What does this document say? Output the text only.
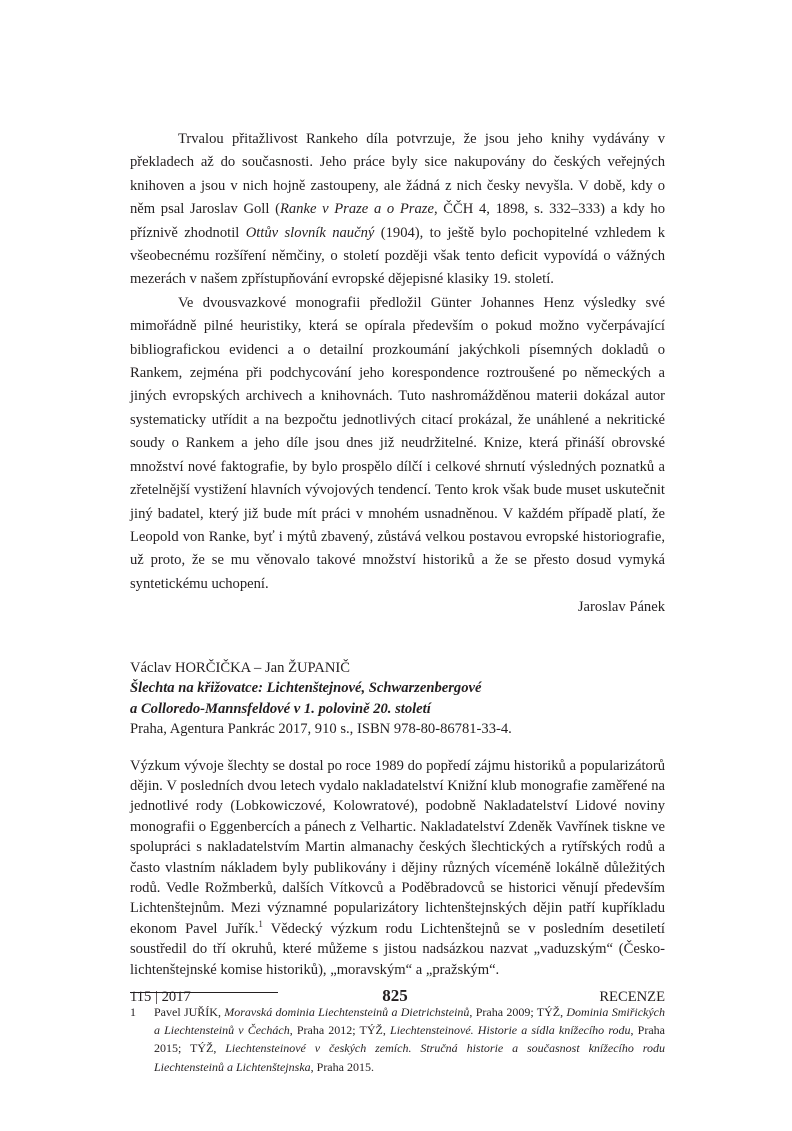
Trvalou přitažlivost Rankeho díla potvrzuje, že jsou jeho knihy vydávány v překladech až do současnosti. Jeho práce byly sice nakupovány do českých veřejných knihoven a jsou v nich hojně zastoupeny, ale žádná z nich česky nevyšla. V době, kdy o něm psal Jaroslav Goll (Ranke v Praze a o Praze, ČČH 4, 1898, s. 332–333) a kdy ho příznivě zhodnotil Ottův slovník naučný (1904), to ještě bylo pochopitelné vzhledem k všeobecnému rozšíření němčiny, o století později však tento deficit vypovídá o vážných mezerách v našem zpřístupňování evropské dějepisné klasiky 19. století.

Ve dvousvazkové monografii předložil Günter Johannes Henz výsledky své mimořádně pilné heuristiky, která se opírala především o pokud možno vyčerpávající bibliografickou evidenci a o detailní prozkoumání jakýchkoli písemných dokladů o Rankem, zejména při podchycování jeho korespondence roztroušené po německých a jiných evropských archivech a knihovnách. Tuto nashromážděnou materii dokázal autor systematicky utřídit a na bezpočtu jednotlivých citací prokázal, že unáhlené a nekritické soudy o Rankem a jeho díle jsou dnes již neudržitelné. Knize, která přináší obrovské množství nové faktografie, by bylo prospělo dílčí i celkové shrnutí výsledných poznatků a zřetelnější vystižení hlavních vývojových tendencí. Tento krok však bude muset uskutečnit jiný badatel, který již bude mít práci v mnohém usnadněnou. V každém případě platí, že Leopold von Ranke, byť i mýtů zbavený, zůstává velkou postavou evropské historiografie, už proto, že se mu věnovalo takové množství historiků a že se přesto dosud vymyká syntetickému uchopení.

Jaroslav Pánek
Václav HORČIČKA – Jan ŽUPANIČ
Šlechta na křižovatce: Lichtenštejnové, Schwarzenbergové
a Colloredo-Mannsfeldové v 1. polovině 20. století
Praha, Agentura Pankrác 2017, 910 s., ISBN 978-80-86781-33-4.

Výzkum vývoje šlechty se dostal po roce 1989 do popředí zájmu historiků a popularizátorů dějin. V posledních dvou letech vydalo nakladatelství Knižní klub monografie zaměřené na jednotlivé rody (Lobkowiczové, Kolowratové), podobně Nakladatelství Lidové noviny monografii o Eggenbercích a pánech z Velhartic. Nakladatelství Zdeněk Vavřínek tiskne ve spolupráci s nakladatelstvím Martin almanachy českých šlechtických a rytířských rodů a často vlastním nákladem byly publikovány i dějiny různých víceméně lokálně důležitých rodů. Vedle Rožmberků, dalších Vítkovců a Poděbradovců se historici věnují především Lichtenštejnům. Mezi významné popularizátory lichtenštejnských dějin patří kupříkladu ekonom Pavel Juřík.$^1$ Vědecký výzkum rodu Lichtenštejnů se v posledním desetiletí soustředil do tří okruhů, které můžeme s jistou nadsázkou nazvat „vaduzským“ (Česko-lichtenštejnské komise historiků), „moravským“ a „pražským“.

1	Pavel JUŘÍK, Moravská dominia Liechtensteinů a Dietrichsteinů, Praha 2009; TÝŽ, Dominia Smiřických a Liechtensteinů v Čechách, Praha 2012; TÝŽ, Liechtensteinové. Historie a sídla knížecího rodu, Praha 2015; TÝŽ, Liechtensteinové v českých zemích. Stručná historie a současnost knížecího rodu Liechtensteinů a Lichtenštejnska, Praha 2015.
115 | 2017	825	RECENZE
